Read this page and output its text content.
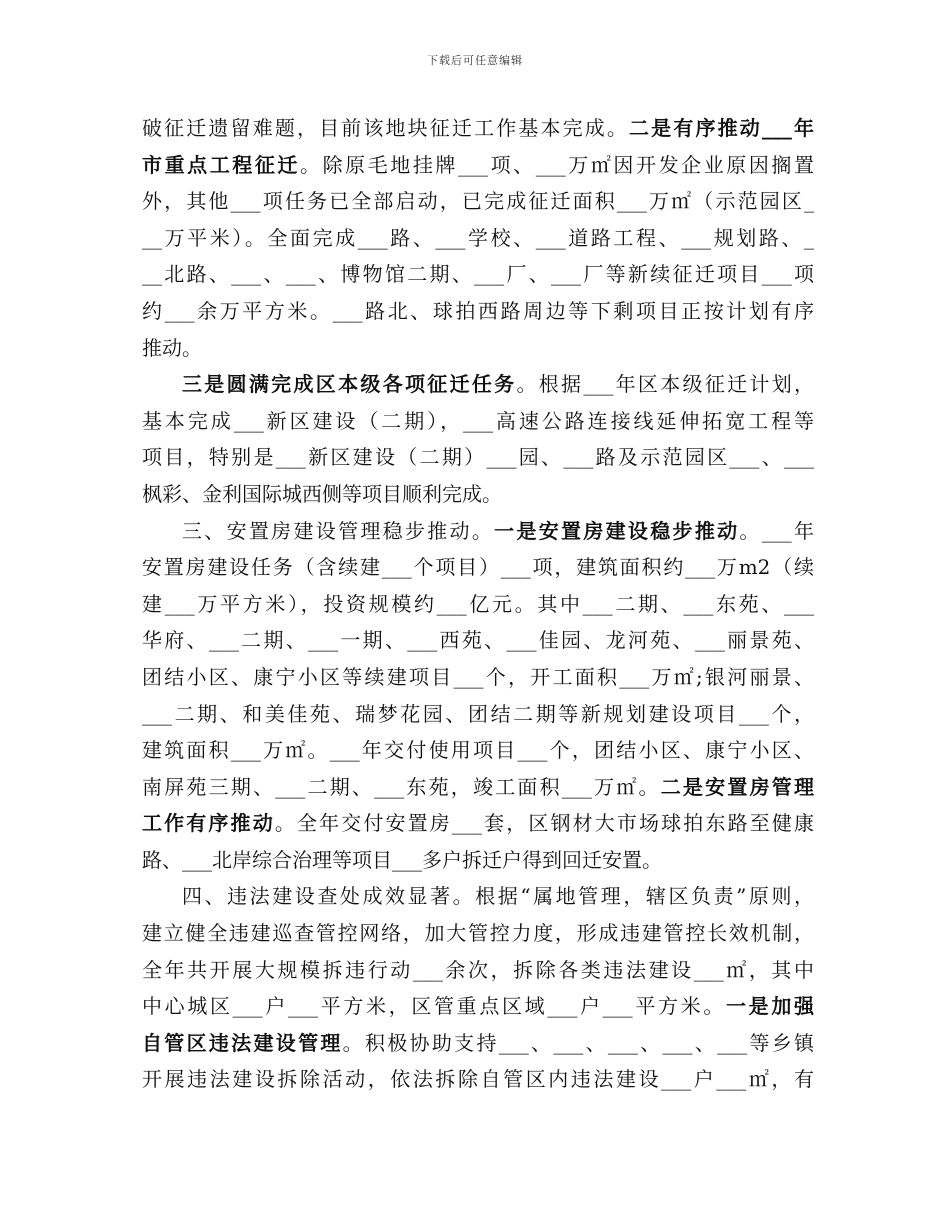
下载后可任意编辑
破征迁遗留难题，目前该地块征迁工作基本完成。二是有序推动___年
市重点工程征迁。除原毛地挂牌___项、___万㎡因开发企业原因搁置
外，其他___项任务已全部启动，已完成征迁面积___万㎡（示范园区_
__万平米）。全面完成___路、___学校、___道路工程、___规划路、_
__北路、___、___、博物馆二期、___厂、___厂等新续征迁项目___项
约___余万平方米。___路北、球拍西路周边等下剩项目正按计划有序
推动。
三是圆满完成区本级各项征迁任务。根据___年区本级征迁计划，
基本完成___新区建设（二期），___高速公路连接线延伸拓宽工程等
项目，特别是___新区建设（二期）___园、___路及示范园区___、___
枫彩、金利国际城西侧等项目顺利完成。
三、安置房建设管理稳步推动。一是安置房建设稳步推动。___年
安置房建设任务（含续建___个项目）___项，建筑面积约___万m2（续
建___万平方米），投资规模约___亿元。其中___二期、___东苑、___
华府、___二期、___一期、___西苑、___佳园、龙河苑、___丽景苑、
团结小区、康宁小区等续建项目___个，开工面积___万㎡;银河丽景、
___二期、和美佳苑、瑞梦花园、团结二期等新规划建设项目___个，
建筑面积___万㎡。___年交付使用项目___个，团结小区、康宁小区、
南屏苑三期、___二期、___东苑，竣工面积___万㎡。二是安置房管理
工作有序推动。全年交付安置房___套，区钢材大市场球拍东路至健康
路、___北岸综合治理等项目___多户拆迁户得到回迁安置。
四、违法建设查处成效显著。根据“属地管理，辖区负责”原则，
建立健全违建巡查管控网络，加大管控力度，形成违建管控长效机制，
全年共开展大规模拆违行动___余次，拆除各类违法建设___㎡，其中
中心城区___户___平方米，区管重点区域___户___平方米。一是加强
自管区违法建设管理。积极协助支持___、___、___、___、___等乡镇
开展违法建设拆除活动，依法拆除自管区内违法建设___户___㎡，有
